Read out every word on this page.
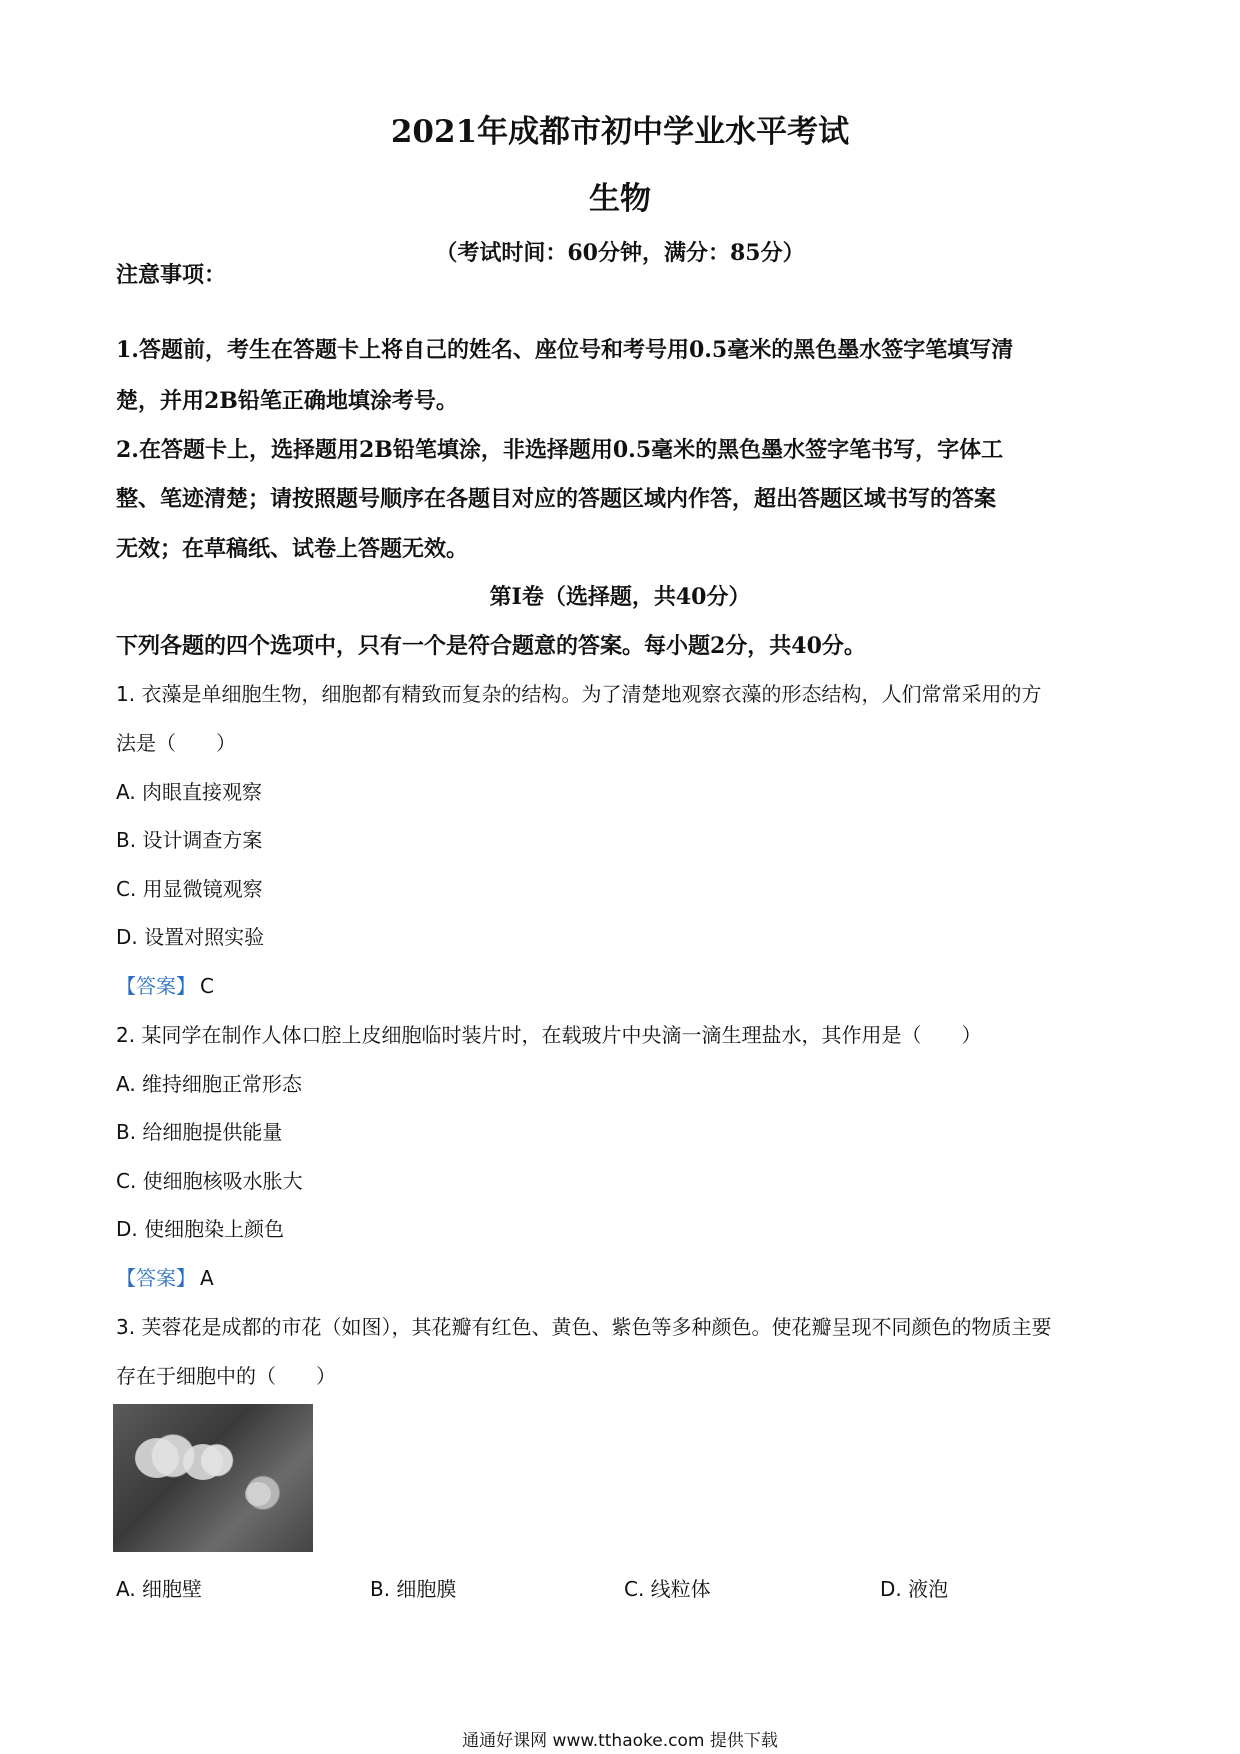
2021年成都市初中学业水平考试
生物
（考试时间：60分钟，满分：85分）
注意事项：
1.答题前，考生在答题卡上将自己的姓名、座位号和考号用0.5毫米的黑色墨水签字笔填写清
楚，并用2B铅笔正确地填涂考号。
2.在答题卡上，选择题用2B铅笔填涂，非选择题用0.5毫米的黑色墨水签字笔书写，字体工
整、笔迹清楚；请按照题号顺序在各题目对应的答题区域内作答，超出答题区域书写的答案
无效；在草稿纸、试卷上答题无效。
第Ⅰ卷（选择题，共40分）
下列各题的四个选项中，只有一个是符合题意的答案。每小题2分，共40分。
1. 衣藻是单细胞生物，细胞都有精致而复杂的结构。为了清楚地观察衣藻的形态结构，人们常常采用的方
法是（　　）
A. 肉眼直接观察
B. 设计调查方案
C. 用显微镜观察
D. 设置对照实验
【答案】 C
2. 某同学在制作人体口腔上皮细胞临时装片时，在载玻片中央滴一滴生理盐水，其作用是（　　）
A. 维持细胞正常形态
B. 给细胞提供能量
C. 使细胞核吸水胀大
D. 使细胞染上颜色
【答案】 A
3. 芙蓉花是成都的市花（如图），其花瓣有红色、黄色、紫色等多种颜色。使花瓣呈现不同颜色的物质主要
存在于细胞中的（　　）
A. 细胞壁	B. 细胞膜	C. 线粒体	D. 液泡
通通好课网 www.tthaoke.com 提供下载
